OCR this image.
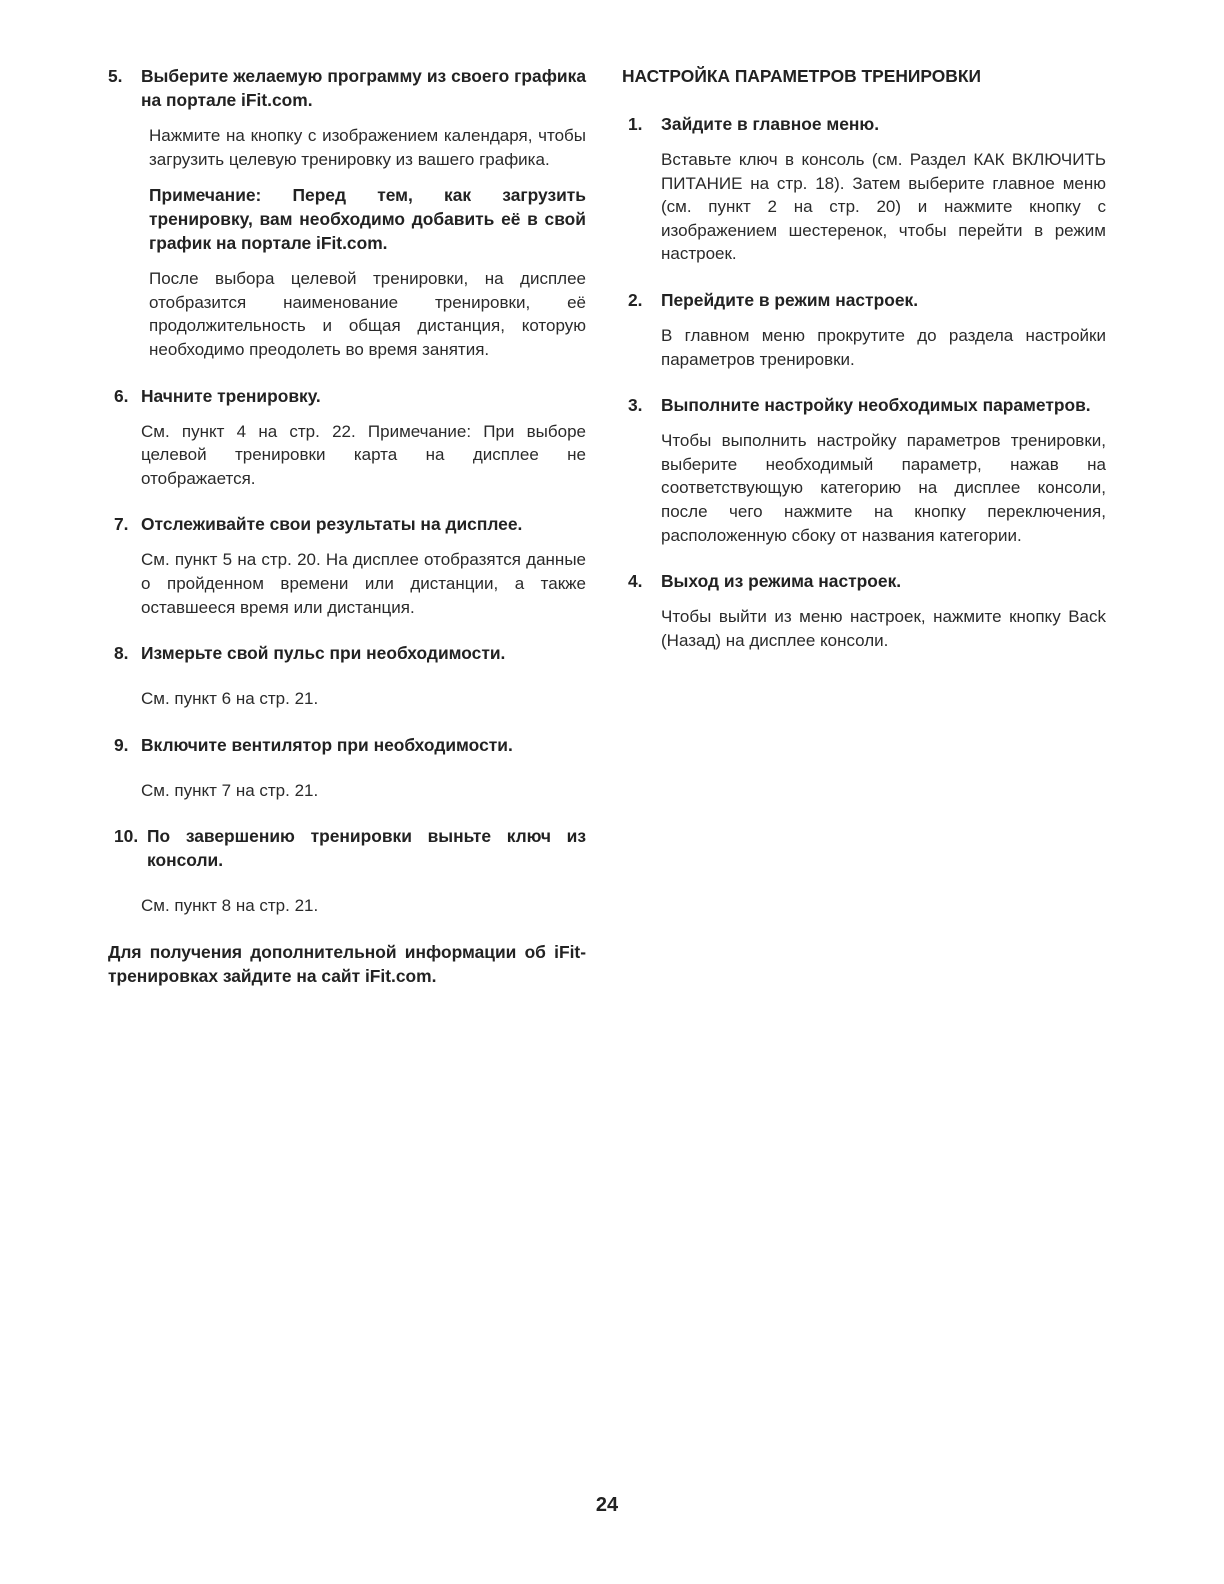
5.	Выберите желаемую программу из своего графика на портале iFit.com.
Нажмите на кнопку с изображением календаря, чтобы загрузить целевую тренировку из вашего графика.
Примечание: Перед тем, как загрузить тренировку, вам необходимо добавить её в свой график на портале iFit.com.
После выбора целевой тренировки, на дисплее отобразится наименование тренировки, её продолжительность и общая дистанция, которую необходимо преодолеть во время занятия.
6. Начните тренировку.
См. пункт 4 на стр. 22. Примечание: При выборе целевой тренировки карта на дисплее не отображается.
7. Отслеживайте свои результаты на дисплее.
См. пункт 5 на стр. 20. На дисплее отобразятся данные о пройденном времени или дистанции, а также оставшееся время или дистанция.
8. Измерьте свой пульс при необходимости.
См. пункт 6 на стр. 21.
9. Включите вентилятор при необходимости.
См. пункт 7 на стр. 21.
10. По завершению тренировки выньте ключ из консоли.
См. пункт 8 на стр. 21.
Для получения дополнительной информации об iFit-тренировках зайдите на сайт iFit.com.
НАСТРОЙКА ПАРАМЕТРОВ ТРЕНИРОВКИ
1.	Зайдите в главное меню.
Вставьте ключ в консоль (см. Раздел КАК ВКЛЮЧИТЬ ПИТАНИЕ на стр. 18). Затем выберите главное меню (см. пункт 2 на стр. 20) и нажмите кнопку с изображением шестеренок, чтобы перейти в режим настроек.
2.	Перейдите в режим настроек.
В главном меню прокрутите до раздела настройки параметров тренировки.
3.	Выполните настройку необходимых параметров.
Чтобы выполнить настройку параметров тренировки, выберите необходимый параметр, нажав на соответствующую категорию на дисплее консоли, после чего нажмите на кнопку переключения, расположенную сбоку от названия категории.
4.	Выход из режима настроек.
Чтобы выйти из меню настроек, нажмите кнопку Back (Назад) на дисплее консоли.
24
